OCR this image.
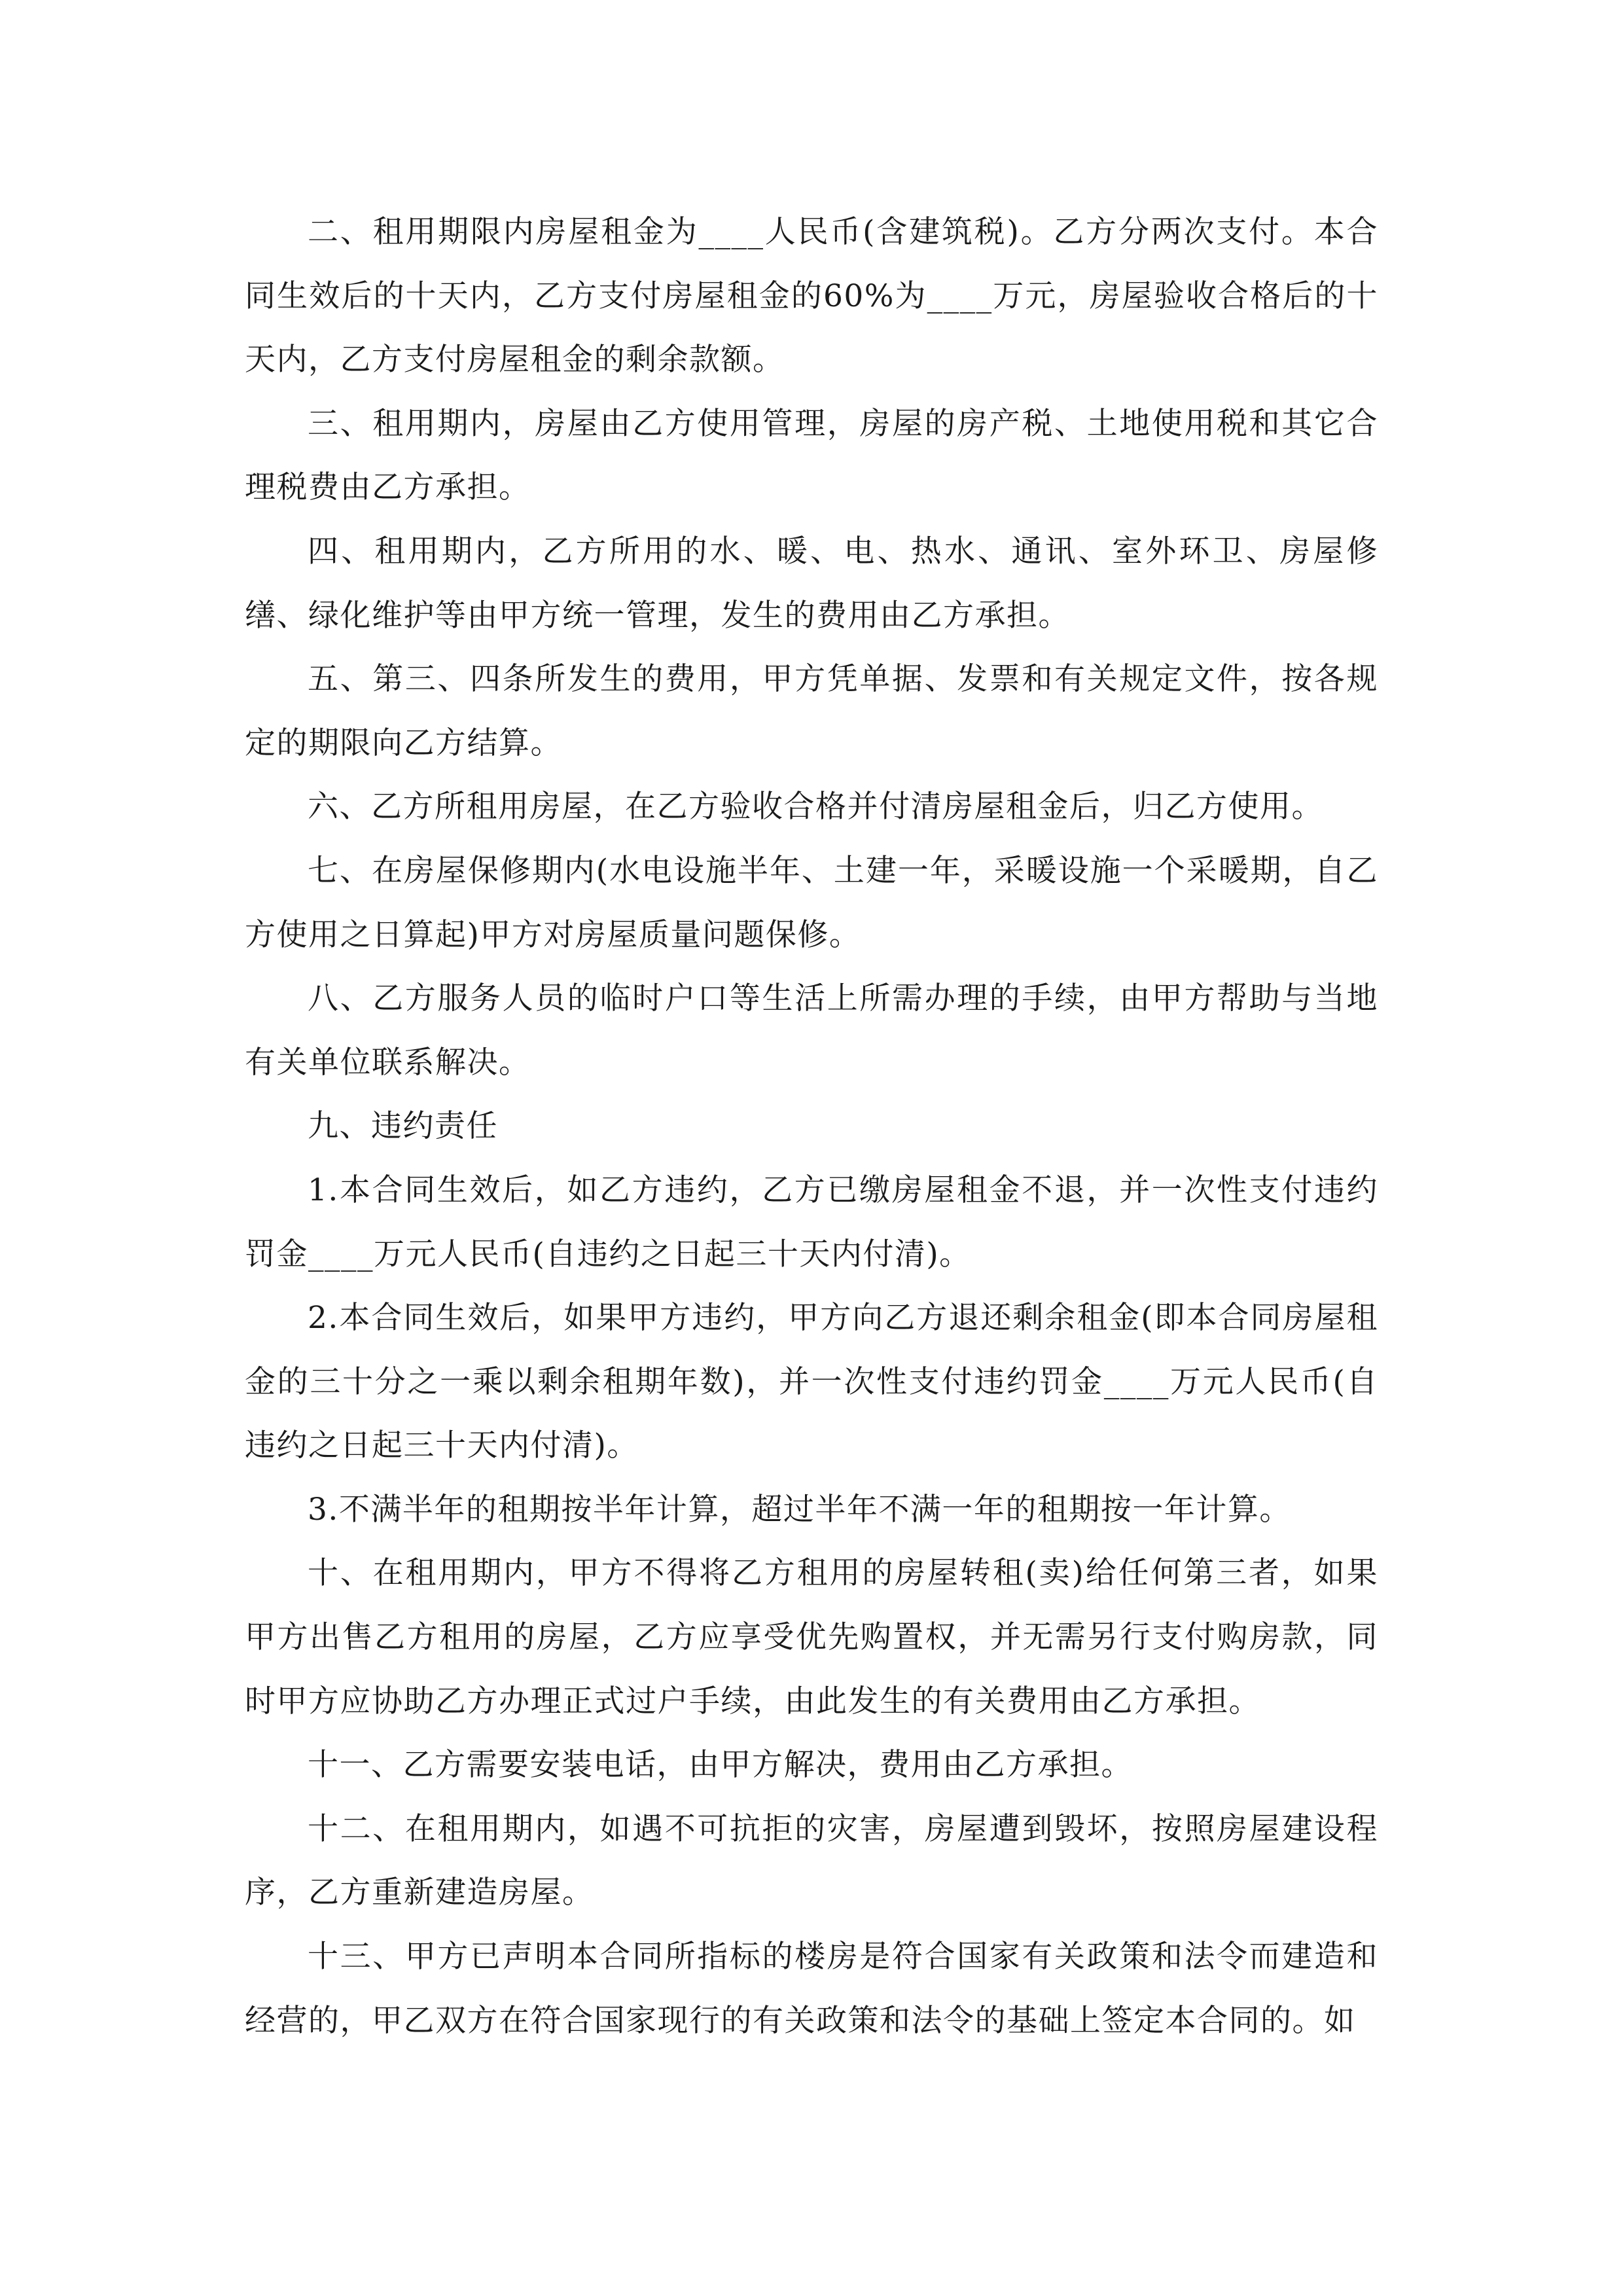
二、租用期限内房屋租金为____人民币(含建筑税)。乙方分两次支付。本合同生效后的十天内，乙方支付房屋租金的60%为____万元，房屋验收合格后的十天内，乙方支付房屋租金的剩余款额。

三、租用期内，房屋由乙方使用管理，房屋的房产税、土地使用税和其它合理税费由乙方承担。

四、租用期内，乙方所用的水、暖、电、热水、通讯、室外环卫、房屋修缮、绿化维护等由甲方统一管理，发生的费用由乙方承担。

五、第三、四条所发生的费用，甲方凭单据、发票和有关规定文件，按各规定的期限向乙方结算。

六、乙方所租用房屋，在乙方验收合格并付清房屋租金后，归乙方使用。

七、在房屋保修期内(水电设施半年、土建一年，采暖设施一个采暖期，自乙方使用之日算起)甲方对房屋质量问题保修。

八、乙方服务人员的临时户口等生活上所需办理的手续，由甲方帮助与当地有关单位联系解决。

九、违约责任

1.本合同生效后，如乙方违约，乙方已缴房屋租金不退，并一次性支付违约罚金____万元人民币(自违约之日起三十天内付清)。

2.本合同生效后，如果甲方违约，甲方向乙方退还剩余租金(即本合同房屋租金的三十分之一乘以剩余租期年数)，并一次性支付违约罚金____万元人民币(自违约之日起三十天内付清)。

3.不满半年的租期按半年计算，超过半年不满一年的租期按一年计算。

十、在租用期内，甲方不得将乙方租用的房屋转租(卖)给任何第三者，如果甲方出售乙方租用的房屋，乙方应享受优先购置权，并无需另行支付购房款，同时甲方应协助乙方办理正式过户手续，由此发生的有关费用由乙方承担。

十一、乙方需要安装电话，由甲方解决，费用由乙方承担。

十二、在租用期内，如遇不可抗拒的灾害，房屋遭到毁坏，按照房屋建设程序，乙方重新建造房屋。

十三、甲方已声明本合同所指标的楼房是符合国家有关政策和法令而建造和经营的，甲乙双方在符合国家现行的有关政策和法令的基础上签定本合同的。如
